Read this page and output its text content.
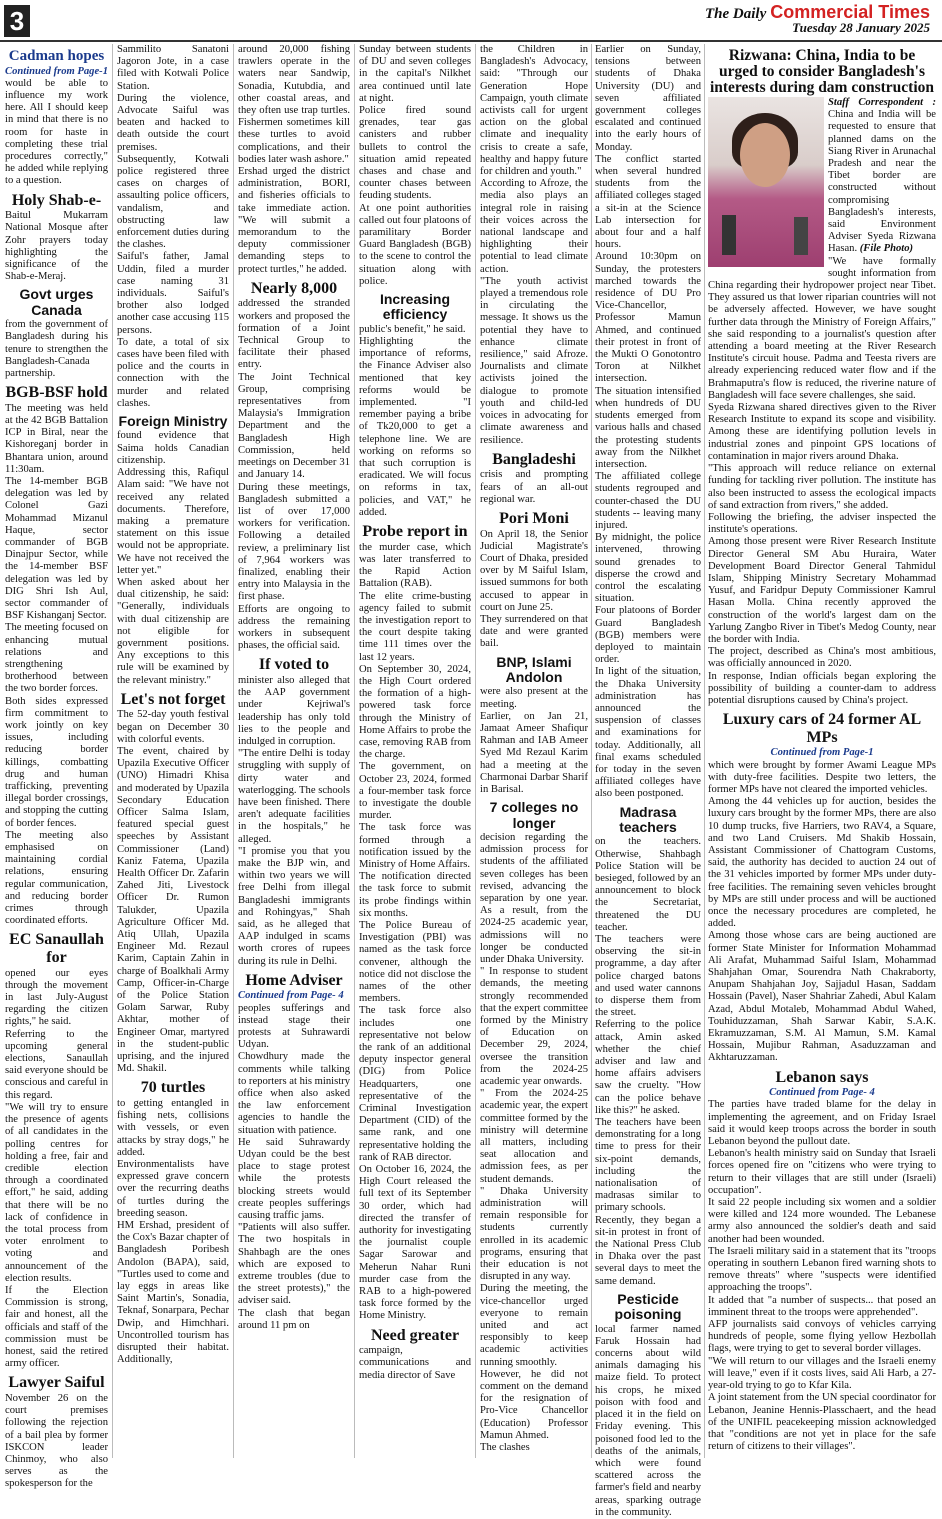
3	The Daily Commercial Times
Tuesday 28 January 2025
Cadman hopes

Continued from Page-1

would be able to influence my work here. All I should keep in mind that there is no room for haste in completing these trial procedures correctly," he added while replying to a question.

Holy Shab-e-

Baitul Mukarram National Mosque after Zohr prayers today highlighting the significance of the Shab-e-Meraj.

Govt urges Canada

from the government of Bangladesh during his tenure to strengthen the Bangladesh-Canada partnership.

BGB-BSF hold

The meeting was held at the 42 BGB Battalion ICP in Biral, near the Kishoreganj border in Bhantara union, around 11:30am.

The 14-member BGB delegation was led by Colonel Gazi Mohammad Mizanul Haque, sector commander of BGB Dinajpur Sector, while the 14-member BSF delegation was led by DIG Shri Ish Aul, sector commander of BSF Kishanganj Sector.

The meeting focused on enhancing mutual relations and strengthening brotherhood between the two border forces.

Both sides expressed firm commitment to work jointly on key issues, including reducing border killings, combatting drug and human trafficking, preventing illegal border crossings, and stopping the cutting of border fences.

The meeting also emphasised on maintaining cordial relations, ensuring regular communication, and reducing border crimes through coordinated efforts.

EC Sanaullah for

opened our eyes through the movement in last July-August regarding the citizen rights," he said.

Referring to the upcoming general elections, Sanaullah said everyone should be conscious and careful in this regard.

"We will try to ensure the presence of agents of all candidates in the polling centres for holding a free, fair and credible election through a coordinated effort," he said, adding that there will be no lack of confidence in the total process from voter enrolment to voting and announcement of the election results.

If the Election Commission is strong, fair and honest, all the officials and staff of the commission must be honest, said the retired army officer.

Lawyer Saiful

November 26 on the court premises following the rejection of a bail plea by former ISKCON leader Chinmoy, who also serves as the spokesperson for the

Sammilito Sanatoni Jagoron Jote, in a case filed with Kotwali Police Station.

During the violence, Advocate Saiful was beaten and hacked to death outside the court premises.

Subsequently, Kotwali police registered three cases on charges of assaulting police officers, vandalism, and obstructing law enforcement duties during the clashes.

Saiful's father, Jamal Uddin, filed a murder case naming 31 individuals. Saiful's brother also lodged another case accusing 115 persons.

To date, a total of six cases have been filed with police and the courts in connection with the murder and related clashes.

Foreign Ministry

found evidence that Saima holds Canadian citizenship.

Addressing this, Rafiqul Alam said: "We have not received any related documents. Therefore, making a premature statement on this issue would not be appropriate. We have not received the letter yet."

When asked about her dual citizenship, he said: "Generally, individuals with dual citizenship are not eligible for government positions. Any exceptions to this rule will be examined by the relevant ministry."

Let's not forget

The 52-day youth festival began on December 30 with colorful events.

The event, chaired by Upazila Executive Officer (UNO) Himadri Khisa and moderated by Upazila Secondary Education Officer Salma Islam, featured special guest speeches by Assistant Commissioner (Land) Kaniz Fatema, Upazila Health Officer Dr. Zafarin Zahed Jiti, Livestock Officer Dr. Rumon Talukder, Upazila Agriculture Officer Md. Atiq Ullah, Upazila Engineer Md. Rezaul Karim, Captain Zahin in charge of Boalkhali Army Camp, Officer-in-Charge of the Police Station Golam Sarwar, Ruby Akhtar, mother of Engineer Omar, martyred in the student-public uprising, and the injured Md. Shakil.

70 turtles

to getting entangled in fishing nets, collisions with vessels, or even attacks by stray dogs," he added.

Environmentalists have expressed grave concern over the recurring deaths of turtles during the breeding season.

HM Ershad, president of the Cox's Bazar chapter of Bangladesh Poribesh Andolon (BAPA), said, "Turtles used to come and lay eggs in areas like Saint Martin's, Sonadia, Teknaf, Sonarpara, Pechar Dwip, and Himchhari. Uncontrolled tourism has disrupted their habitat. Additionally,

around 20,000 fishing trawlers operate in the waters near Sandwip, Sonadia, Kutubdia, and other coastal areas, and they often use trap turtles. Fishermen sometimes kill these turtles to avoid complications, and their bodies later wash ashore."

Ershad urged the district administration, BORI, and fisheries officials to take immediate action. "We will submit a memorandum to the deputy commissioner demanding steps to protect turtles," he added.

Nearly 8,000

addressed the stranded workers and proposed the formation of a Joint Technical Group to facilitate their phased entry.

The Joint Technical Group, comprising representatives from Malaysia's Immigration Department and the Bangladesh High Commission, held meetings on December 31 and January 14.

During these meetings, Bangladesh submitted a list of over 17,000 workers for verification. Following a detailed review, a preliminary list of 7,964 workers was finalized, enabling their entry into Malaysia in the first phase.

Efforts are ongoing to address the remaining workers in subsequent phases, the official said.

If voted to

minister also alleged that the AAP government under Kejriwal's leadership has only told lies to the people and indulged in corruption.

"The entire Delhi is today struggling with supply of dirty water and waterlogging. The schools have been finished. There aren't adequate facilities in the hospitals," he alleged.

"I promise you that you make the BJP win, and within two years we will free Delhi from illegal Bangladeshi immigrants and Rohingyas," Shah said, as he alleged that AAP indulged in scams worth crores of rupees during its rule in Delhi.

Home Adviser

Continued from Page- 4

peoples sufferings and instead stage their protests at Suhrawardi Udyan.

Chowdhury made the comments while talking to reporters at his ministry office when also asked the law enforcement agencies to handle the situation with patience.

He said Suhrawardy Udyan could be the best place to stage protest while the protests blocking streets would create peoples sufferings causing traffic jams.

"Patients will also suffer. The two hospitals in Shahbagh are the ones which are exposed to extreme troubles (due to the street protests)," the adviser said.

The clash that began around 11 pm on

Sunday between students of DU and seven colleges in the capital's Nilkhet area continued until late at night.

Police fired sound grenades, tear gas canisters and rubber bullets to control the situation amid repeated chases and chase and counter chases between feuding students.

At one point authorities called out four platoons of paramilitary Border Guard Bangladesh (BGB) to the scene to control the situation along with police.

Increasing efficiency

public's benefit," he said.

Highlighting the importance of reforms, the Finance Adviser also mentioned that key reforms would be implemented. "I remember paying a bribe of Tk20,000 to get a telephone line. We are working on reforms so that such corruption is eradicated. We will focus on reforms in tax, policies, and VAT," he added.

Probe report in

the murder case, which was later transferred to the Rapid Action Battalion (RAB).

The elite crime-busting agency failed to submit the investigation report to the court despite taking time 111 times over the last 12 years.

On September 30, 2024, the High Court ordered the formation of a high-powered task force through the Ministry of Home Affairs to probe the case, removing RAB from the charge.

The government, on October 23, 2024, formed a four-member task force to investigate the double murder.

The task force was formed through a notification issued by the Ministry of Home Affairs.

The notification directed the task force to submit its probe findings within six months.

The Police Bureau of Investigation (PBI) was named as the task force convener, although the notice did not disclose the names of the other members.

The task force also includes one representative not below the rank of an additional deputy inspector general (DIG) from Police Headquarters, one representative of the Criminal Investigation Department (CID) of the same rank, and one representative holding the rank of RAB director.

On October 16, 2024, the High Court released the full text of its September 30 order, which had directed the transfer of authority for investigating the journalist couple Sagar Sarowar and Meherun Nahar Runi murder case from the RAB to a high-powered task force formed by the Home Ministry.

Need greater

campaign, communications and media director of Save

the Children in Bangladesh's Advocacy, said: "Through our Generation Hope Campaign, youth climate activists call for urgent action on the global climate and inequality crisis to create a safe, healthy and happy future for children and youth."

According to Afroze, the media also plays an integral role in raising their voices across the national landscape and highlighting their potential to lead climate action.

"The youth activist played a tremendous role in circulating the message. It shows us the potential they have to enhance climate resilience," said Afroze. Journalists and climate activists joined the dialogue to promote youth and child-led voices in advocating for climate awareness and resilience.

Bangladeshi

crisis and prompting fears of an all-out regional war.

Pori Moni

On April 18, the Senior Judicial Magistrate's Court of Dhaka, presided over by M Saiful Islam, issued summons for both accused to appear in court on June 25.

They surrendered on that date and were granted bail.

BNP, Islami Andolon

were also present at the meeting.

Earlier, on Jan 21, Jamaat Ameer Shafiqur Rahman and IAB Ameer Syed Md Rezaul Karim had a meeting at the Charmonai Darbar Sharif in Barisal.

7 colleges no longer

decision regarding the admission process for students of the affiliated seven colleges has been revised, advancing the separation by one year. As a result, from the 2024-25 academic year, admissions will no longer be conducted under Dhaka University.

" In response to student demands, the meeting strongly recommended that the expert committee formed by the Ministry of Education on December 29, 2024, oversee the transition from the 2024-25 academic year onwards.

" From the 2024-25 academic year, the expert committee formed by the ministry will determine all matters, including seat allocation and admission fees, as per student demands.

" Dhaka University administration will remain responsible for students currently enrolled in its academic programs, ensuring that their education is not disrupted in any way.

During the meeting, the vice-chancellor urged everyone to remain united and act responsibly to keep academic activities running smoothly.

However, he did not comment on the demand for the resignation of Pro-Vice Chancellor (Education) Professor Mamun Ahmed.

The clashes

Earlier on Sunday, tensions between students of Dhaka University (DU) and seven affiliated government colleges escalated and continued into the early hours of Monday.

The conflict started when several hundred students from the affiliated colleges staged a sit-in at the Science Lab intersection for about four and a half hours.

Around 10:30pm on Sunday, the protesters marched towards the residence of DU Pro Vice-Chancellor, Professor Mamun Ahmed, and continued their protest in front of the Mukti O Gonotontro Toron at Nilkhet intersection.

The situation intensified when hundreds of DU students emerged from various halls and chased the protesting students away from the Nilkhet intersection.

The affiliated college students regrouped and counter-chased the DU students -- leaving many injured.

By midnight, the police intervened, throwing sound grenades to disperse the crowd and control the escalating situation.

Four platoons of Border Guard Bangladesh (BGB) members were deployed to maintain order.

In light of the situation, the Dhaka University administration has announced the suspension of classes and examinations for today. Additionally, all final exams scheduled for today in the seven affiliated colleges have also been postponed.

Madrasa teachers

on the teachers. Otherwise, Shahbagh Police Station will be besieged, followed by an announcement to block the Secretariat, threatened the DU teacher.

The teachers were observing the sit-in programme, a day after police charged batons and used water cannons to disperse them from the street.

Referring to the police attack, Amin asked whether the chief adviser and law and home affairs advisers saw the cruelty. "How can the police behave like this?" he asked.

The teachers have been demonstrating for a long time to press for their six-point demands, including the nationalisation of madrasas similar to primary schools.

Recently, they began a sit-in protest in front of the National Press Club in Dhaka over the past several days to meet the same demand.

Pesticide poisoning

local farmer named Faruk Hossain had concerns about wild animals damaging his maize field. To protect his crops, he mixed poison with food and placed it in the field on Friday evening. This poisoned food led to the deaths of the animals, which were found scattered across the farmer's field and nearby areas, sparking outrage in the community.

Rizwana: China, India to be urged to consider Bangladesh's interests during dam construction

Staff Correspondent : China and India will be requested to ensure that planned dams on the Siang River in Arunachal Pradesh and near the Tibet border are constructed without compromising Bangladesh's interests, said Environment Adviser Syeda Rizwana Hasan. (File Photo)

"We have formally sought information from China regarding their hydropower project near Tibet. They assured us that lower riparian countries will not be adversely affected. However, we have sought further data through the Ministry of Foreign Affairs," she said responding to a journalist's question after attending a board meeting at the River Research Institute's circuit house. Padma and Teesta rivers are already experiencing reduced water flow and if the Brahmaputra's flow is reduced, the riverine nature of Bangladesh will face severe challenges, she said.

Syeda Rizwana shared directives given to the River Research Institute to expand its scope and visibility. Among these are identifying pollution levels in industrial zones and pinpoint GPS locations of contamination in major rivers around Dhaka.

"This approach will reduce reliance on external funding for tackling river pollution. The institute has also been instructed to assess the ecological impacts of sand extraction from rivers," she added.

Following the briefing, the adviser inspected the institute's operations.

Among those present were River Research Institute Director General SM Abu Huraira, Water Development Board Director General Tahmidul Islam, Shipping Ministry Secretary Mohammad Yusuf, and Faridpur Deputy Commissioner Kamrul Hasan Molla. China recently approved the construction of the world's largest dam on the Yarlung Zangbo River in Tibet's Medog County, near the border with India.

The project, described as China's most ambitious, was officially announced in 2020.

In response, Indian officials began exploring the possibility of building a counter-dam to address potential disruptions caused by China's project.

Luxury cars of 24 former AL MPs

Continued from Page-1

which were brought by former Awami League MPs with duty-free facilities. Despite two letters, the former MPs have not cleared the imported vehicles.

Among the 44 vehicles up for auction, besides the luxury cars brought by the former MPs, there are also 10 dump trucks, five Harriers, two RAV4, a Square, and two Land Cruisers. Md Shakib Hossain, Assistant Commissioner of Chattogram Customs, said, the authority has decided to auction 24 out of the 31 vehicles imported by former MPs under duty-free facilities. The remaining seven vehicles brought by MPs are still under process and will be auctioned once the necessary procedures are completed, he added.

Among those whose cars are being auctioned are former State Minister for Information Mohammad Ali Arafat, Muhammad Saiful Islam, Mohammad Shahjahan Omar, Sourendra Nath Chakraborty, Anupam Shahjahan Joy, Sajjadul Hasan, Saddam Hossain (Pavel), Naser Shahriar Zahedi, Abul Kalam Azad, Abdul Motaleb, Mohammad Abdul Wahed, Touhiduzzaman, Shah Sarwar Kabir, S.A.K. Ekramuzzaman, S.M. Al Mamun, S.M. Kamal Hossain, Mujibur Rahman, Asaduzzaman and Akhtaruzzaman.

Lebanon says

Continued from Page- 4

The parties have traded blame for the delay in implementing the agreement, and on Friday Israel said it would keep troops across the border in south Lebanon beyond the pullout date.

Lebanon's health ministry said on Sunday that Israeli forces opened fire on "citizens who were trying to return to their villages that are still under (Israeli) occupation".

It said 22 people including six women and a soldier were killed and 124 more wounded. The Lebanese army also announced the soldier's death and said another had been wounded.

The Israeli military said in a statement that its "troops operating in southern Lebanon fired warning shots to remove threats" where "suspects were identified approaching the troops".

It added that "a number of suspects... that posed an imminent threat to the troops were apprehended".

AFP journalists said convoys of vehicles carrying hundreds of people, some flying yellow Hezbollah flags, were trying to get to several border villages.

"We will return to our villages and the Israeli enemy will leave," even if it costs lives, said Ali Harb, a 27-year-old trying to go to Kfar Kila.

A joint statement from the UN special coordinator for Lebanon, Jeanine Hennis-Plasschaert, and the head of the UNIFIL peacekeeping mission acknowledged that "conditions are not yet in place for the safe return of citizens to their villages".
